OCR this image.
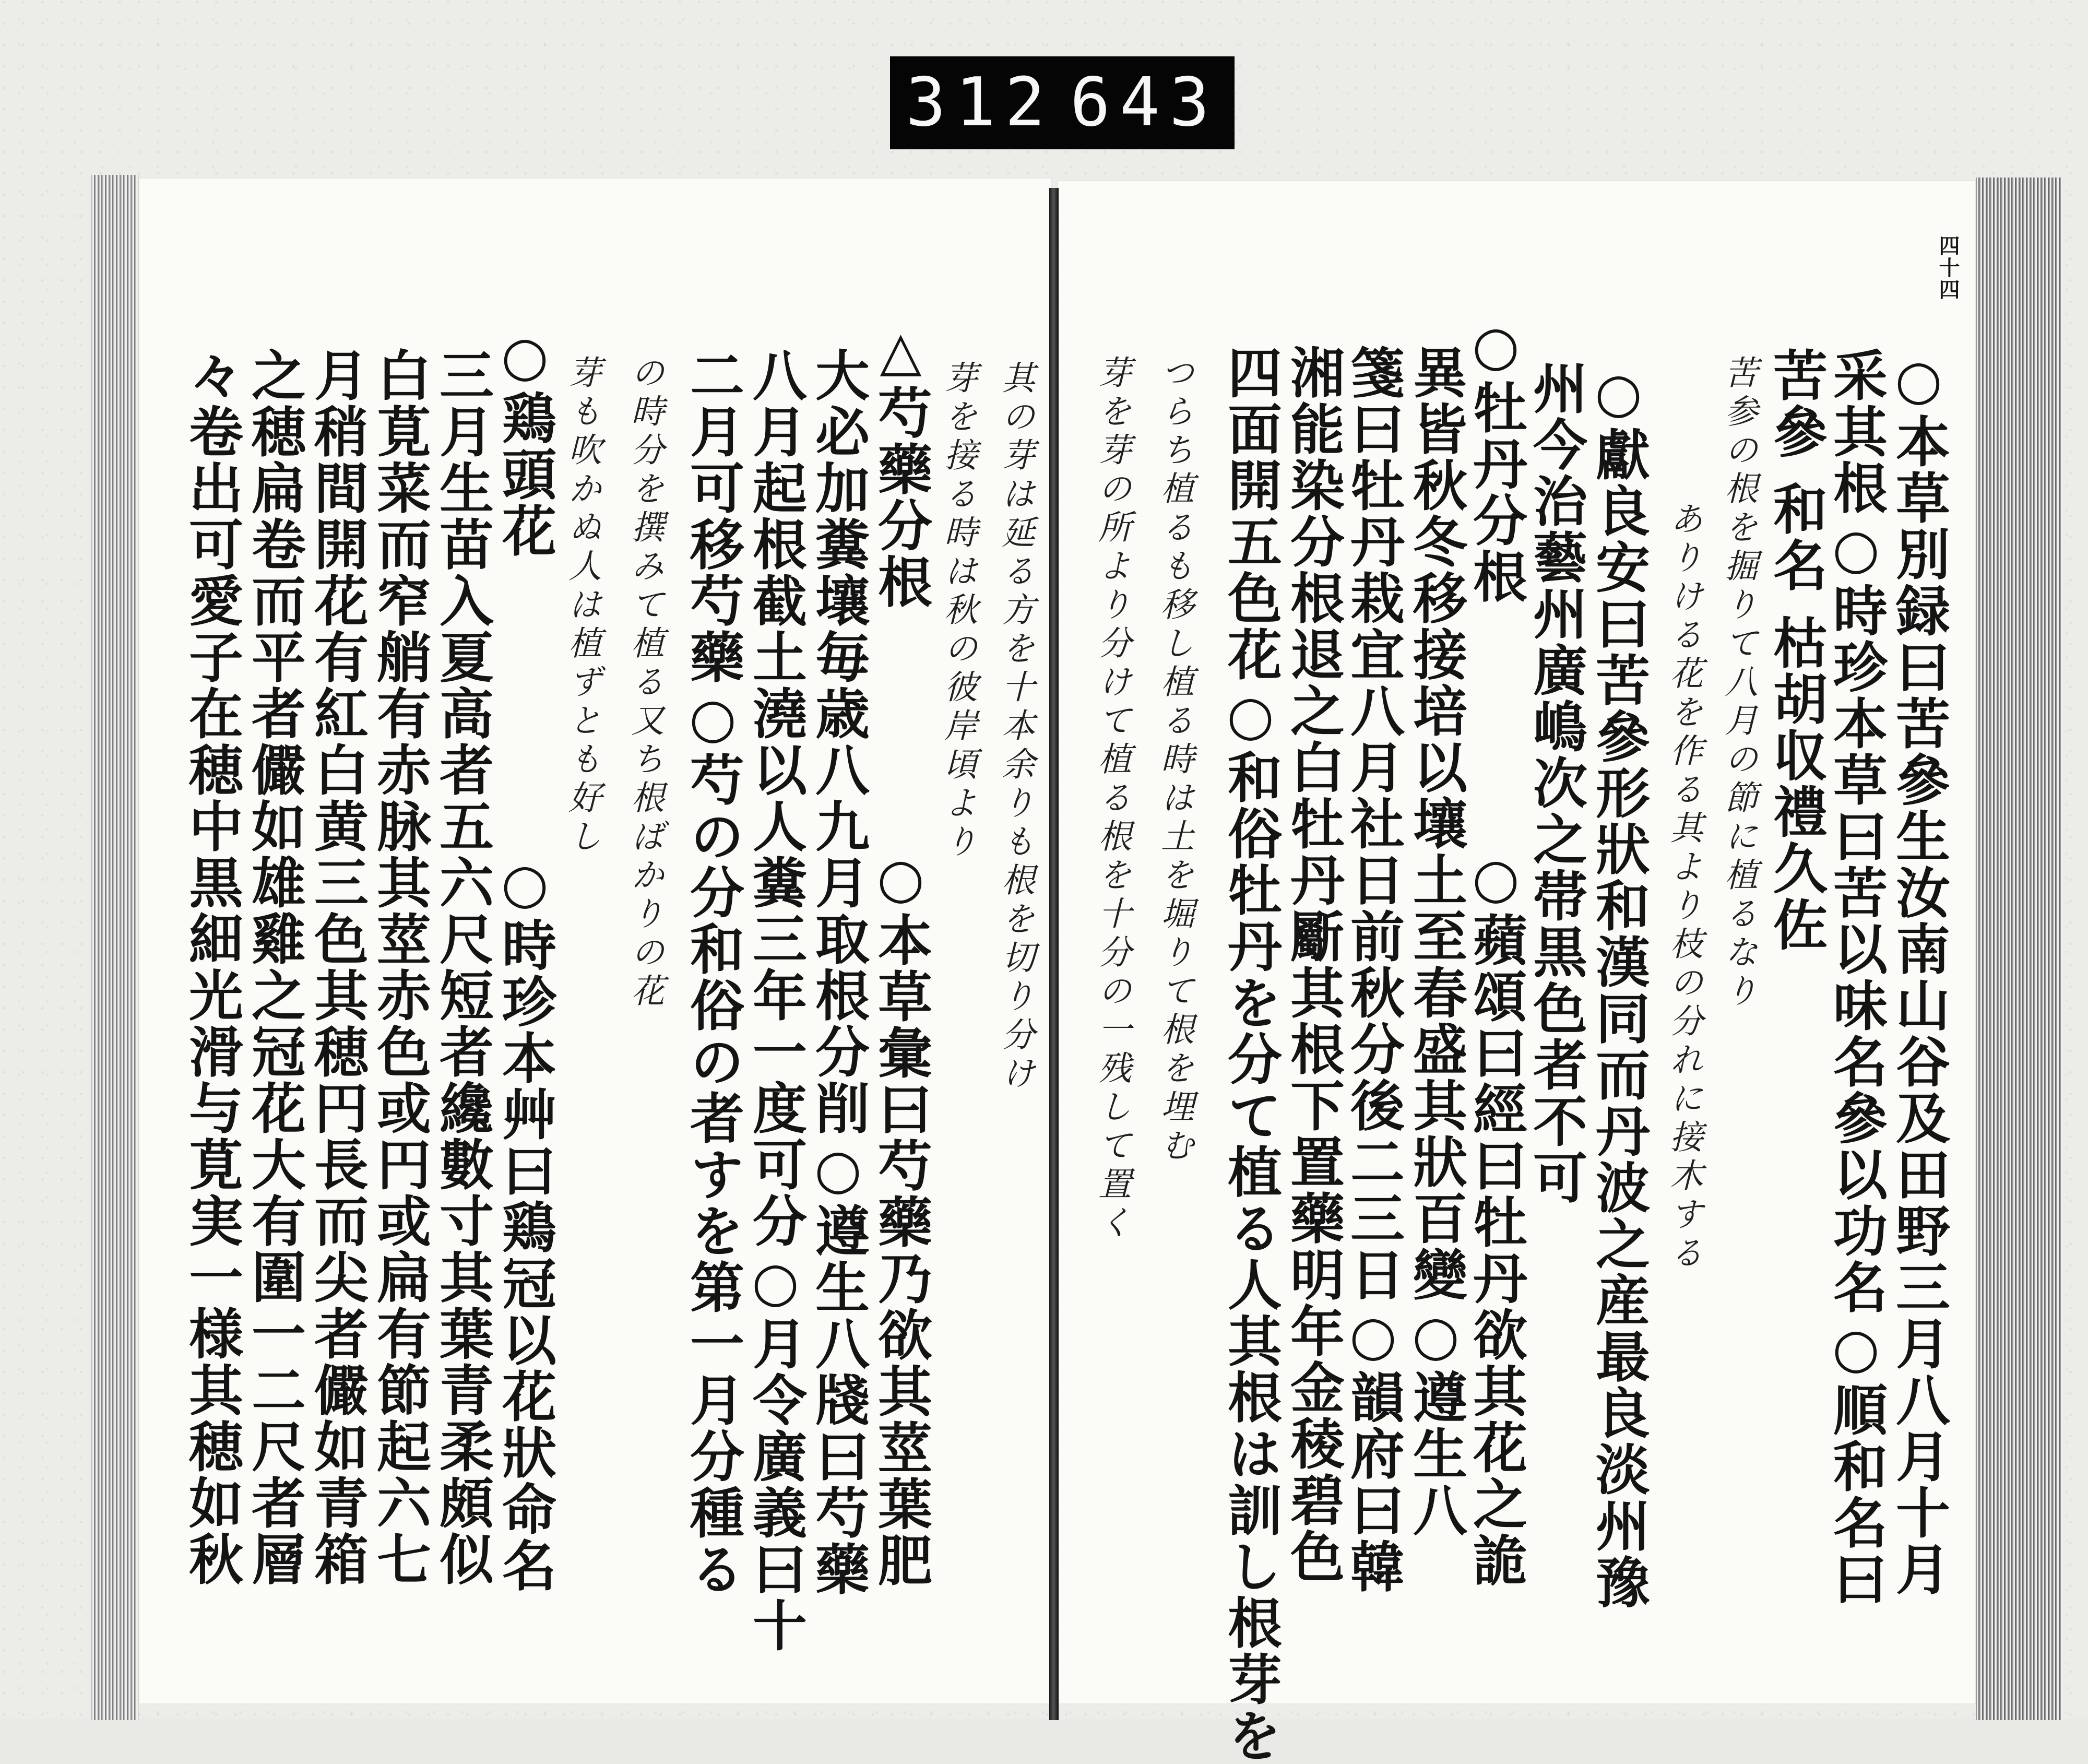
312 643
四十四
○本草別録曰苦參生汝南山谷及田野三月八月十月
采其根○時珍本草曰苦以味名參以功名○順和名曰
苦參 和名 枯胡収禮久佐
苦参の根を掘りて八月の節に植るなり
ありける花を作る其より枝の分れに接木する
○獻良安曰苦參形狀和漢同而丹波之産最良淡州豫
州今治藝州廣嶋次之帯黒色者不可
○牡丹分根
○蘋頌曰經曰牡丹欲其花之詭
異皆秋冬移接培以壤土至春盛其狀百變○遵生八
箋曰牡丹栽宜八月社日前秋分後二三日○韻府曰韓
湘能染分根退之白牡丹斸其根下置藥明年金稜碧色
四面開五色花○和俗牡丹を分て植る人其根は訓し根芽を
つらち植るも移し植る時は土を堀りて根を埋む
芽を芽の所より分けて植る根を十分の一残して置く
其の芽は延る方を十本余りも根を切り分け
芽を接る時は秋の彼岸頃より
△芍藥分根
○本草彙曰芍藥乃欲其莖葉肥
大必加糞壤毎歳八九月取根分削○遵生八牋曰芍藥
八月起根截土澆以人糞三年一度可分○月令廣義曰十
二月可移芍藥○芍の分和俗の者すを第一月分種る
の時分を撰みて植る又ち根ばかりの花
芽も吹かぬ人は植ずとも好し
○鶏頭花
○時珍本艸曰鶏冠以花狀命名
三月生苗入夏高者五六尺短者纔數寸其葉青柔頗似
白莧菜而窄艄有赤脉其莖赤色或円或扁有節起六七
月稍間開花有紅白黄三色其穂円長而尖者儼如青箱
之穂扁卷而平者儼如雄雞之冠花大有圍一二尺者層
々卷出可愛子在穂中黒細光滑与莧実一様其穂如秋
